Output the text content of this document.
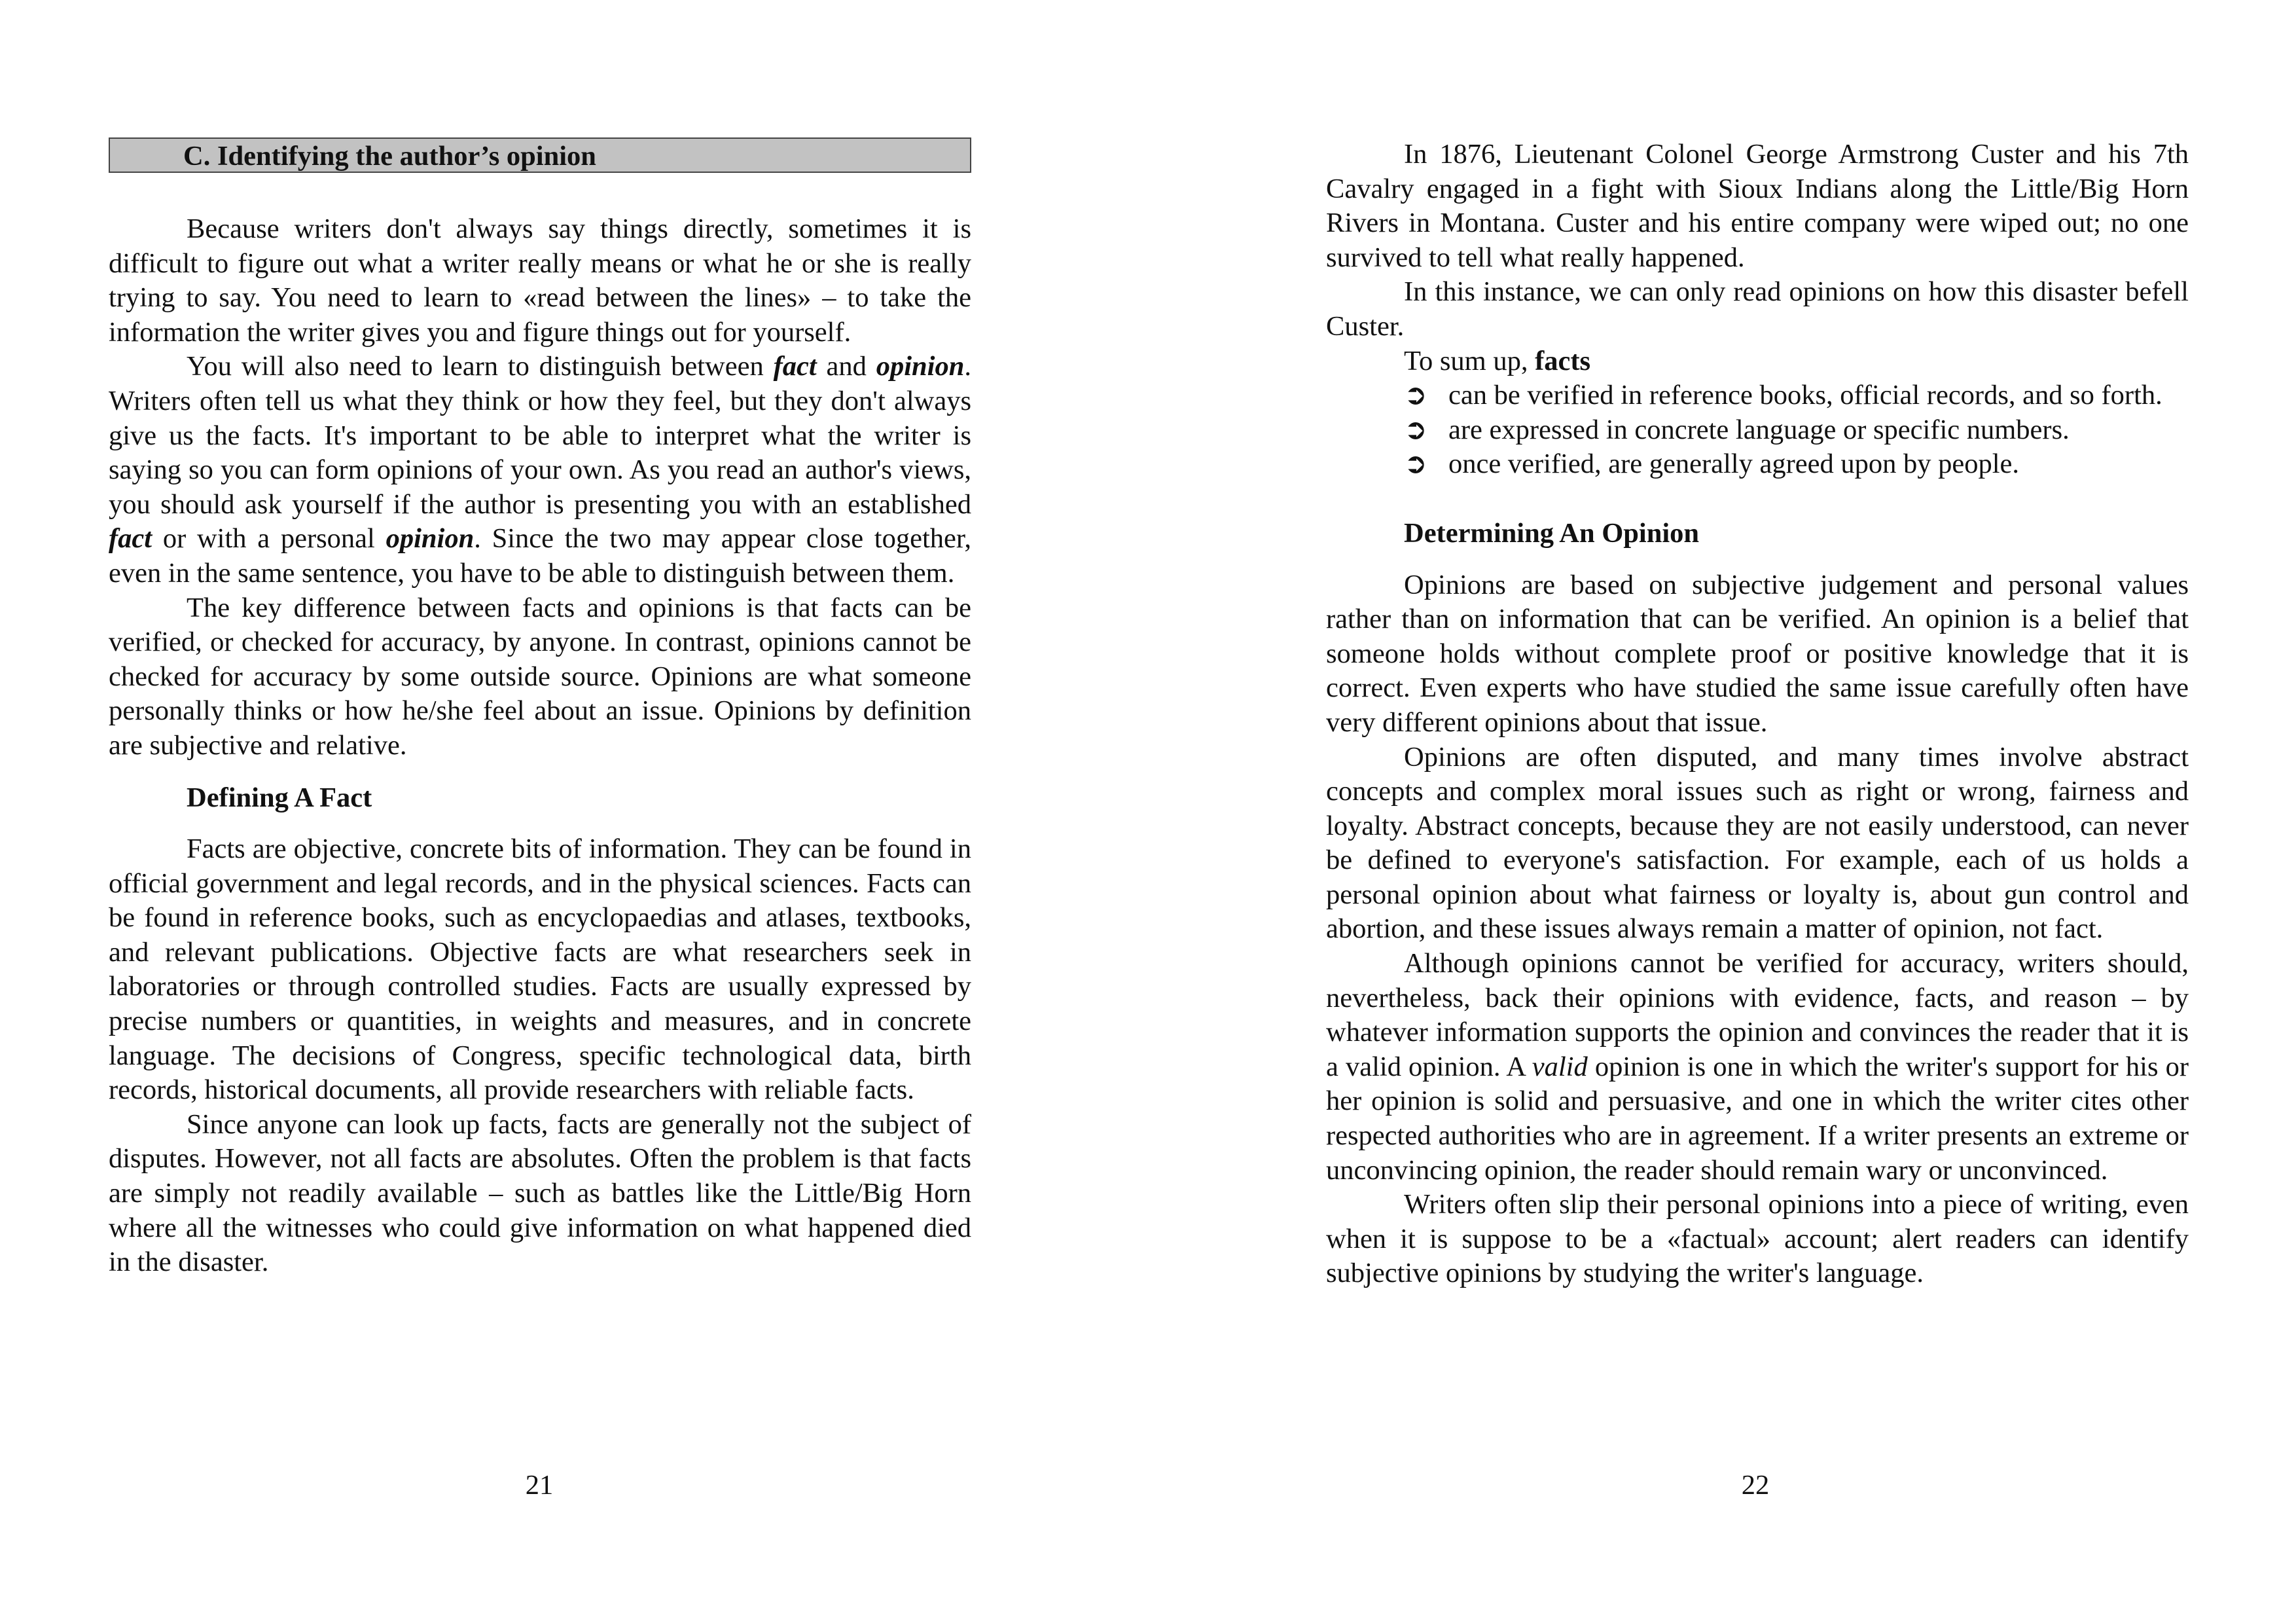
C. Identifying the author’s opinion

Because writers don't always say things directly, sometimes it is difficult to figure out what a writer really means or what he or she is really trying to say. You need to learn to «read between the lines» – to take the information the writer gives you and figure things out for yourself.

You will also need to learn to distinguish between fact and opinion. Writers often tell us what they think or how they feel, but they don't always give us the facts. It's important to be able to interpret what the writer is saying so you can form opinions of your own. As you read an author's views, you should ask yourself if the author is presenting you with an established fact or with a personal opinion. Since the two may appear close together, even in the same sentence, you have to be able to distinguish between them.

The key difference between facts and opinions is that facts can be verified, or checked for accuracy, by anyone. In contrast, opinions cannot be checked for accuracy by some outside source. Opinions are what someone personally thinks or how he/she feel about an issue. Opinions by definition are subjective and relative.

Defining A Fact

Facts are objective, concrete bits of information. They can be found in official government and legal records, and in the physical sciences. Facts can be found in reference books, such as encyclopaedias and atlases, textbooks, and relevant publications. Objective facts are what researchers seek in laboratories or through controlled studies. Facts are usually expressed by precise numbers or quantities, in weights and measures, and in concrete language. The decisions of Congress, specific technological data, birth records, historical documents, all provide researchers with reliable facts.

Since anyone can look up facts, facts are generally not the subject of disputes. However, not all facts are absolutes. Often the problem is that facts are simply not readily available – such as battles like the Little/Big Horn where all the witnesses who could give information on what happened died in the disaster.

21

In 1876, Lieutenant Colonel George Armstrong Custer and his 7th Cavalry engaged in a fight with Sioux Indians along the Little/Big Horn Rivers in Montana. Custer and his entire company were wiped out; no one survived to tell what really happened.

In this instance, we can only read opinions on how this disaster befell Custer.

To sum up, facts

➲ can be verified in reference books, official records, and so forth.
➲ are expressed in concrete language or specific numbers.
➲ once verified, are generally agreed upon by people.
Determining An Opinion

Opinions are based on subjective judgement and personal values rather than on information that can be verified. An opinion is a belief that someone holds without complete proof or positive knowledge that it is correct. Even experts who have studied the same issue carefully often have very different opinions about that issue.

Opinions are often disputed, and many times involve abstract concepts and complex moral issues such as right or wrong, fairness and loyalty. Abstract concepts, because they are not easily understood, can never be defined to everyone's satisfaction. For example, each of us holds a personal opinion about what fairness or loyalty is, about gun control and abortion, and these issues always remain a matter of opinion, not fact.

Although opinions cannot be verified for accuracy, writers should, nevertheless, back their opinions with evidence, facts, and reason – by whatever information supports the opinion and convinces the reader that it is a valid opinion. A valid opinion is one in which the writer's support for his or her opinion is solid and persuasive, and one in which the writer cites other respected authorities who are in agreement. If a writer presents an extreme or unconvincing opinion, the reader should remain wary or unconvinced.

Writers often slip their personal opinions into a piece of writing, even when it is suppose to be a «factual» account; alert readers can identify subjective opinions by studying the writer's language.

22
